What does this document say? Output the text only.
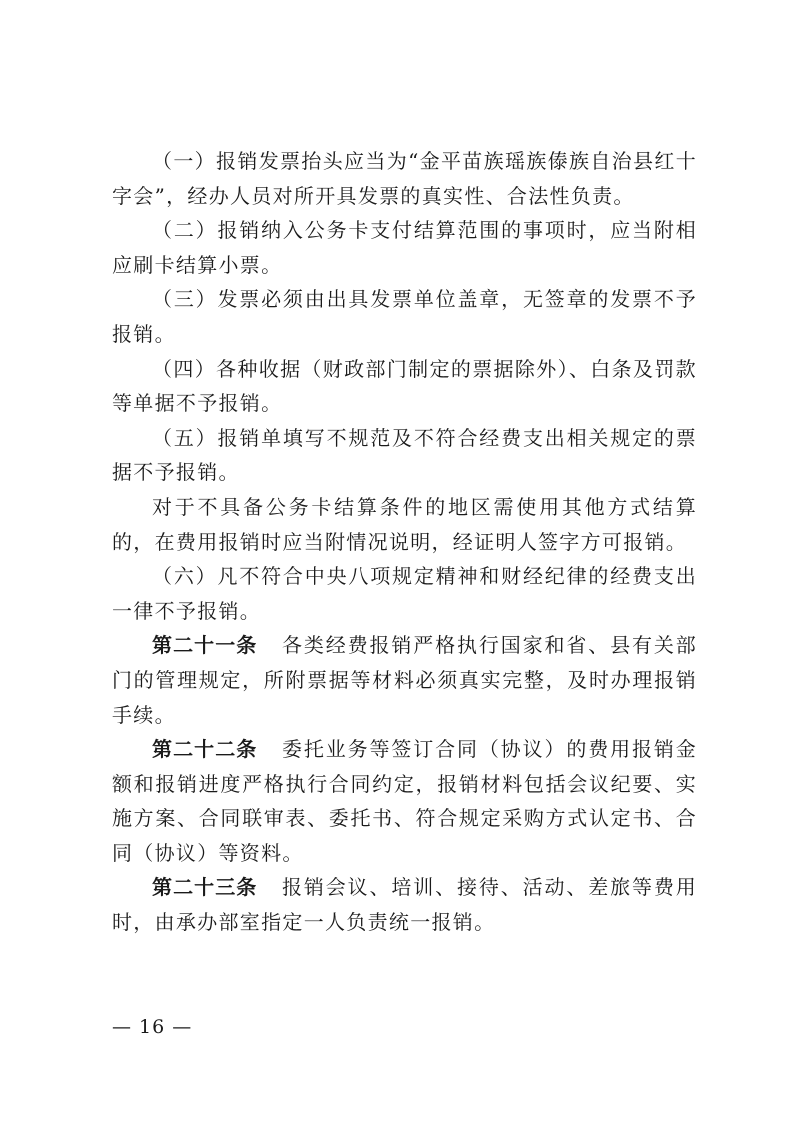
（一）报销发票抬头应当为“金平苗族瑶族傣族自治县红十字会”，经办人员对所开具发票的真实性、合法性负责。

（二）报销纳入公务卡支付结算范围的事项时，应当附相应刷卡结算小票。

（三）发票必须由出具发票单位盖章，无签章的发票不予报销。

（四）各种收据（财政部门制定的票据除外）、白条及罚款等单据不予报销。

（五）报销单填写不规范及不符合经费支出相关规定的票据不予报销。

对于不具备公务卡结算条件的地区需使用其他方式结算的，在费用报销时应当附情况说明，经证明人签字方可报销。

（六）凡不符合中央八项规定精神和财经纪律的经费支出一律不予报销。

第二十一条 各类经费报销严格执行国家和省、县有关部门的管理规定，所附票据等材料必须真实完整，及时办理报销手续。

第二十二条 委托业务等签订合同（协议）的费用报销金额和报销进度严格执行合同约定，报销材料包括会议纪要、实施方案、合同联审表、委托书、符合规定采购方式认定书、合同（协议）等资料。

第二十三条 报销会议、培训、接待、活动、差旅等费用时，由承办部室指定一人负责统一报销。

— 16 —
